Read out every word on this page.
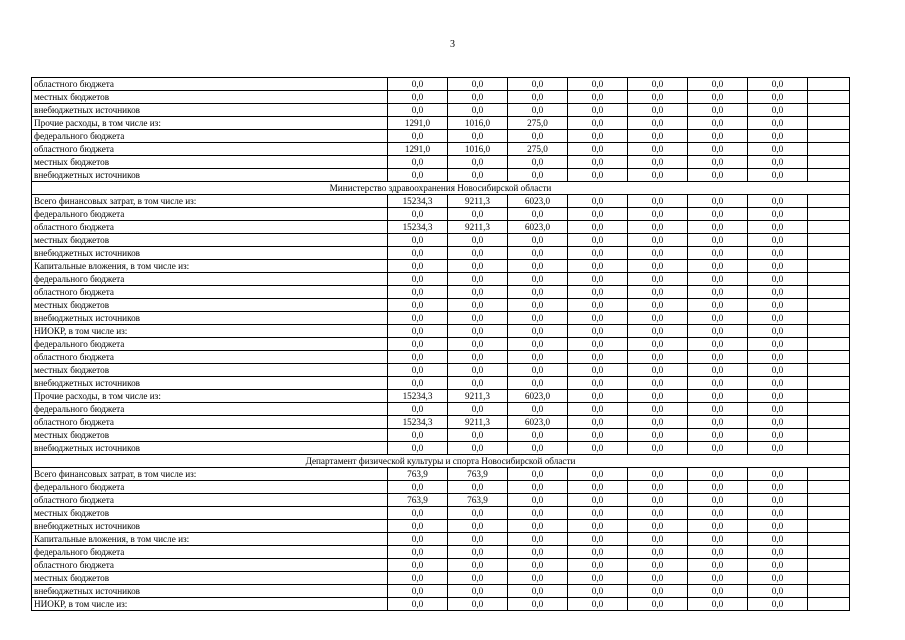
3
областного бюджета	0,0	0,0	0,0	0,0	0,0	0,0	0,0	
местных бюджетов	0,0	0,0	0,0	0,0	0,0	0,0	0,0	
внебюджетных источников	0,0	0,0	0,0	0,0	0,0	0,0	0,0	
Прочие расходы, в том числе из:	1291,0	1016,0	275,0	0,0	0,0	0,0	0,0	
федерального бюджета	0,0	0,0	0,0	0,0	0,0	0,0	0,0	
областного бюджета	1291,0	1016,0	275,0	0,0	0,0	0,0	0,0	
местных бюджетов	0,0	0,0	0,0	0,0	0,0	0,0	0,0	
внебюджетных источников	0,0	0,0	0,0	0,0	0,0	0,0	0,0	
Министерство здравоохранения Новосибирской области								
Всего финансовых затрат, в том числе из:	15234,3	9211,3	6023,0	0,0	0,0	0,0	0,0	
федерального бюджета	0,0	0,0	0,0	0,0	0,0	0,0	0,0	
областного бюджета	15234,3	9211,3	6023,0	0,0	0,0	0,0	0,0	
местных бюджетов	0,0	0,0	0,0	0,0	0,0	0,0	0,0	
внебюджетных источников	0,0	0,0	0,0	0,0	0,0	0,0	0,0	
Капитальные вложения, в том числе из:	0,0	0,0	0,0	0,0	0,0	0,0	0,0	
федерального бюджета	0,0	0,0	0,0	0,0	0,0	0,0	0,0	
областного бюджета	0,0	0,0	0,0	0,0	0,0	0,0	0,0	
местных бюджетов	0,0	0,0	0,0	0,0	0,0	0,0	0,0	
внебюджетных источников	0,0	0,0	0,0	0,0	0,0	0,0	0,0	
НИОКР, в том числе из:	0,0	0,0	0,0	0,0	0,0	0,0	0,0	
федерального бюджета	0,0	0,0	0,0	0,0	0,0	0,0	0,0	
областного бюджета	0,0	0,0	0,0	0,0	0,0	0,0	0,0	
местных бюджетов	0,0	0,0	0,0	0,0	0,0	0,0	0,0	
внебюджетных источников	0,0	0,0	0,0	0,0	0,0	0,0	0,0	
Прочие расходы, в том числе из:	15234,3	9211,3	6023,0	0,0	0,0	0,0	0,0	
федерального бюджета	0,0	0,0	0,0	0,0	0,0	0,0	0,0	
областного бюджета	15234,3	9211,3	6023,0	0,0	0,0	0,0	0,0	
местных бюджетов	0,0	0,0	0,0	0,0	0,0	0,0	0,0	
внебюджетных источников	0,0	0,0	0,0	0,0	0,0	0,0	0,0	
Департамент физической культуры и спорта Новосибирской области								
Всего финансовых затрат, в том числе из:	763,9	763,9	0,0	0,0	0,0	0,0	0,0	
федерального бюджета	0,0	0,0	0,0	0,0	0,0	0,0	0,0	
областного бюджета	763,9	763,9	0,0	0,0	0,0	0,0	0,0	
местных бюджетов	0,0	0,0	0,0	0,0	0,0	0,0	0,0	
внебюджетных источников	0,0	0,0	0,0	0,0	0,0	0,0	0,0	
Капитальные вложения, в том числе из:	0,0	0,0	0,0	0,0	0,0	0,0	0,0	
федерального бюджета	0,0	0,0	0,0	0,0	0,0	0,0	0,0	
областного бюджета	0,0	0,0	0,0	0,0	0,0	0,0	0,0	
местных бюджетов	0,0	0,0	0,0	0,0	0,0	0,0	0,0	
внебюджетных источников	0,0	0,0	0,0	0,0	0,0	0,0	0,0	
НИОКР, в том числе из:	0,0	0,0	0,0	0,0	0,0	0,0	0,0	
